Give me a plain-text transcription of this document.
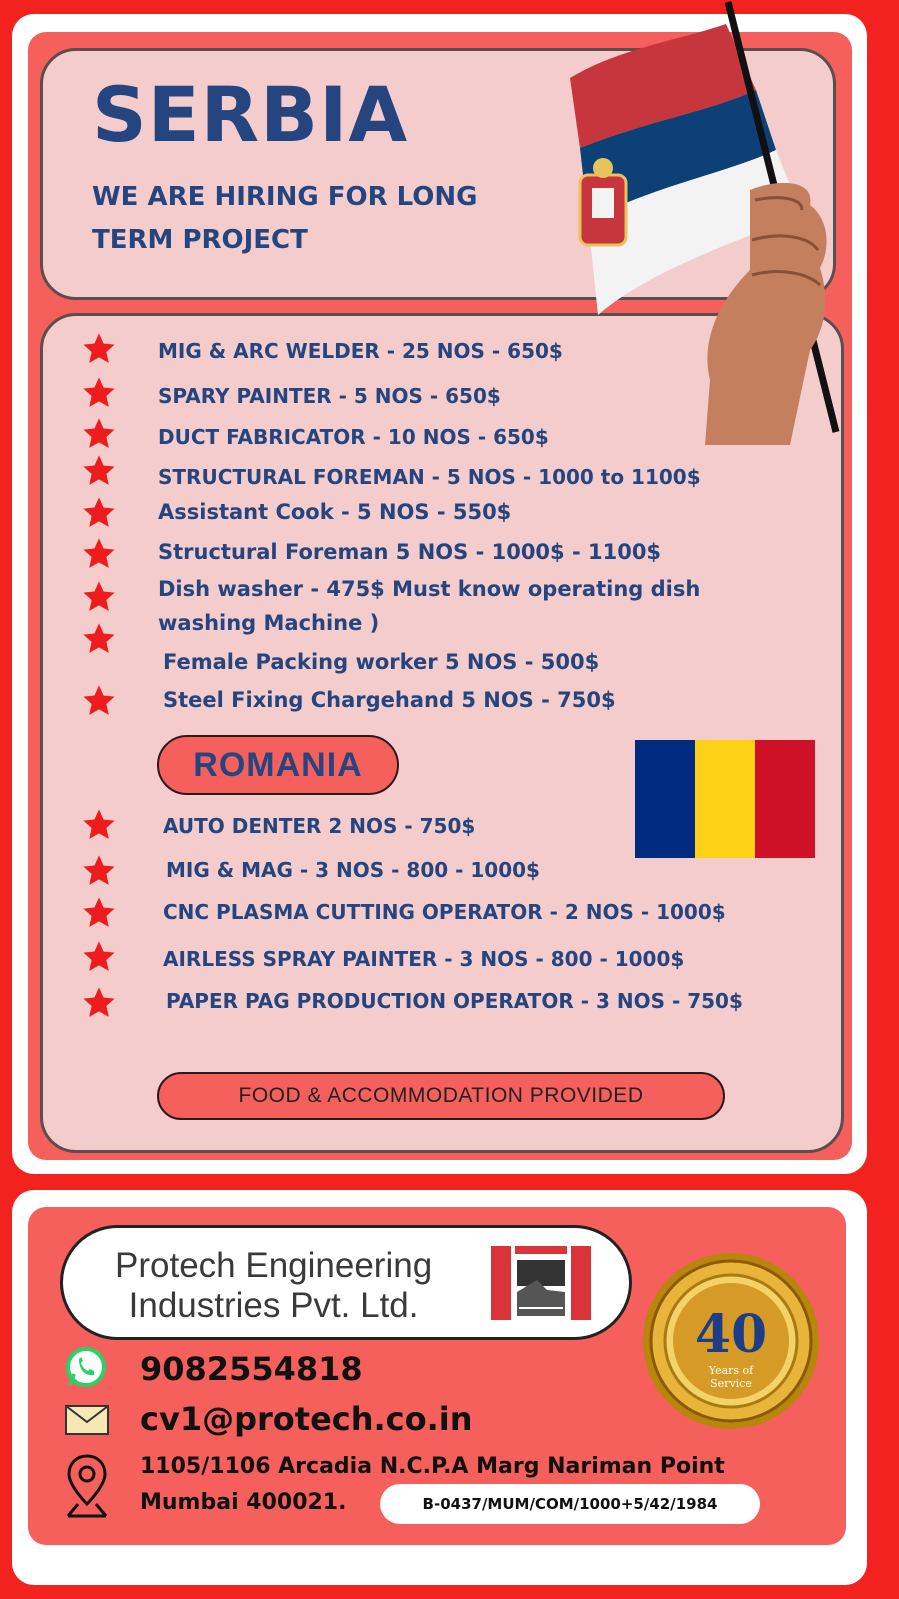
SERBIA

WE ARE HIRING FOR LONG TERM PROJECT

MIG & ARC WELDER - 25 NOS - 650$
SPARY PAINTER - 5 NOS - 650$
DUCT FABRICATOR - 10 NOS - 650$
STRUCTURAL FOREMAN - 5 NOS - 1000 to 1100$
Assistant Cook - 5 NOS - 550$
Structural Foreman 5 NOS - 1000$ - 1100$
Dish washer - 475$ Must know operating dish washing Machine )
Female Packing worker 5 NOS - 500$
Steel Fixing Chargehand 5 NOS - 750$
ROMANIA
AUTO DENTER 2 NOS - 750$
MIG & MAG - 3 NOS - 800 - 1000$
CNC PLASMA CUTTING OPERATOR - 2 NOS - 1000$
AIRLESS SPRAY PAINTER - 3 NOS - 800 - 1000$
PAPER PAG PRODUCTION OPERATOR - 3 NOS - 750$
FOOD & ACCOMMODATION PROVIDED

Protech Engineering
Industries Pvt. Ltd.	40
Years of
Service
9082554818
cv1@protech.co.in
1105/1106 Arcadia N.C.P.A Marg Nariman Point
Mumbai 400021.	B-0437/MUM/COM/1000+5/42/1984
